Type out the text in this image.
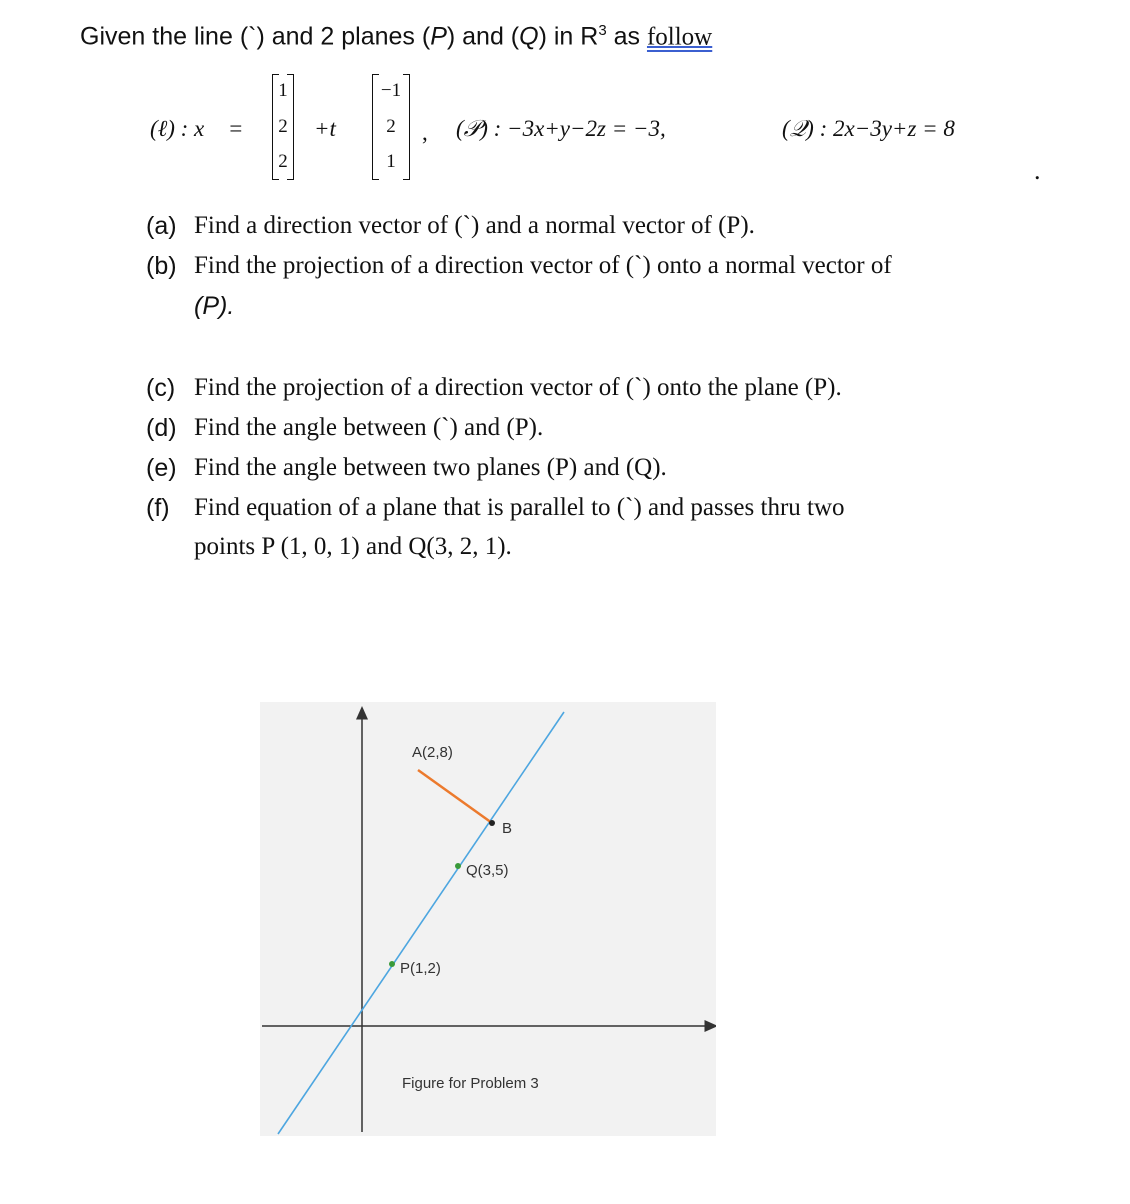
Given the line (`) and 2 planes (P) and (Q) in $R^3$ as follow
(ℓ) : x⃗ =
1
2
2
+t
−1
2
1
, (𝒫) : −3x+y−2z = −3,	(𝒬) : 2x−3y+z = 8
.
(a) Find a direction vector of (`) and a normal vector of (P).
(b) Find the projection of a direction vector of (`) onto a normal vector of
(P).
(c) Find the projection of a direction vector of (`) onto the plane (P).
(d) Find the angle between (`) and (P).
(e) Find the angle between two planes (P) and (Q).
(f) Find equation of a plane that is parallel to (`) and passes thru two
points P (1, 0, 1) and Q(3, 2, 1).
A(2,8)
B
Q(3,5)
P(1,2)
Figure for Problem 3
